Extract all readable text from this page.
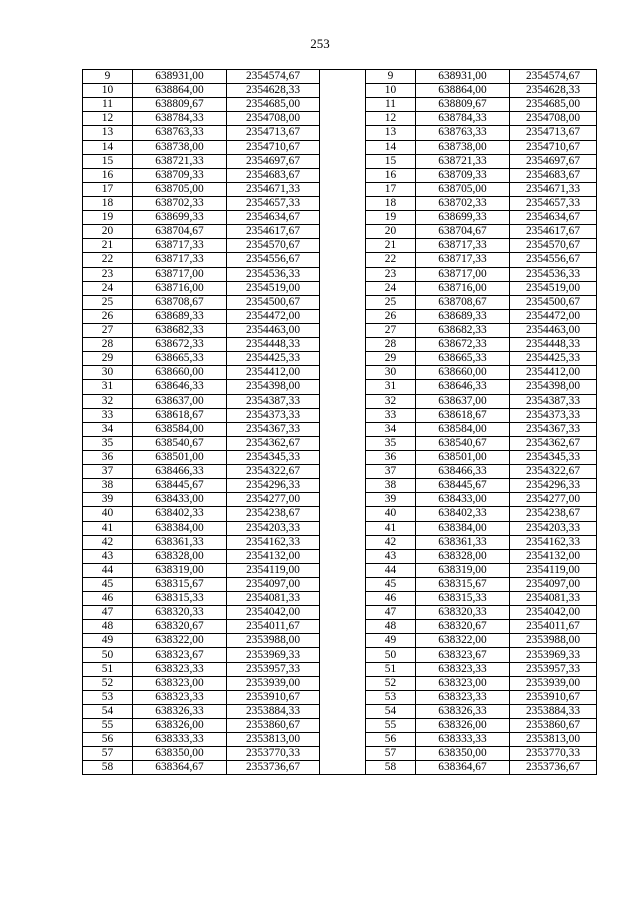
253
9	638931,00	2354574,67		9	638931,00	2354574,67
10	638864,00	2354628,33		10	638864,00	2354628,33
11	638809,67	2354685,00		11	638809,67	2354685,00
12	638784,33	2354708,00		12	638784,33	2354708,00
13	638763,33	2354713,67		13	638763,33	2354713,67
14	638738,00	2354710,67		14	638738,00	2354710,67
15	638721,33	2354697,67		15	638721,33	2354697,67
16	638709,33	2354683,67		16	638709,33	2354683,67
17	638705,00	2354671,33		17	638705,00	2354671,33
18	638702,33	2354657,33		18	638702,33	2354657,33
19	638699,33	2354634,67		19	638699,33	2354634,67
20	638704,67	2354617,67		20	638704,67	2354617,67
21	638717,33	2354570,67		21	638717,33	2354570,67
22	638717,33	2354556,67		22	638717,33	2354556,67
23	638717,00	2354536,33		23	638717,00	2354536,33
24	638716,00	2354519,00		24	638716,00	2354519,00
25	638708,67	2354500,67		25	638708,67	2354500,67
26	638689,33	2354472,00		26	638689,33	2354472,00
27	638682,33	2354463,00		27	638682,33	2354463,00
28	638672,33	2354448,33		28	638672,33	2354448,33
29	638665,33	2354425,33		29	638665,33	2354425,33
30	638660,00	2354412,00		30	638660,00	2354412,00
31	638646,33	2354398,00		31	638646,33	2354398,00
32	638637,00	2354387,33		32	638637,00	2354387,33
33	638618,67	2354373,33		33	638618,67	2354373,33
34	638584,00	2354367,33		34	638584,00	2354367,33
35	638540,67	2354362,67		35	638540,67	2354362,67
36	638501,00	2354345,33		36	638501,00	2354345,33
37	638466,33	2354322,67		37	638466,33	2354322,67
38	638445,67	2354296,33		38	638445,67	2354296,33
39	638433,00	2354277,00		39	638433,00	2354277,00
40	638402,33	2354238,67		40	638402,33	2354238,67
41	638384,00	2354203,33		41	638384,00	2354203,33
42	638361,33	2354162,33		42	638361,33	2354162,33
43	638328,00	2354132,00		43	638328,00	2354132,00
44	638319,00	2354119,00		44	638319,00	2354119,00
45	638315,67	2354097,00		45	638315,67	2354097,00
46	638315,33	2354081,33		46	638315,33	2354081,33
47	638320,33	2354042,00		47	638320,33	2354042,00
48	638320,67	2354011,67		48	638320,67	2354011,67
49	638322,00	2353988,00		49	638322,00	2353988,00
50	638323,67	2353969,33		50	638323,67	2353969,33
51	638323,33	2353957,33		51	638323,33	2353957,33
52	638323,00	2353939,00		52	638323,00	2353939,00
53	638323,33	2353910,67		53	638323,33	2353910,67
54	638326,33	2353884,33		54	638326,33	2353884,33
55	638326,00	2353860,67		55	638326,00	2353860,67
56	638333,33	2353813,00		56	638333,33	2353813,00
57	638350,00	2353770,33		57	638350,00	2353770,33
58	638364,67	2353736,67		58	638364,67	2353736,67
